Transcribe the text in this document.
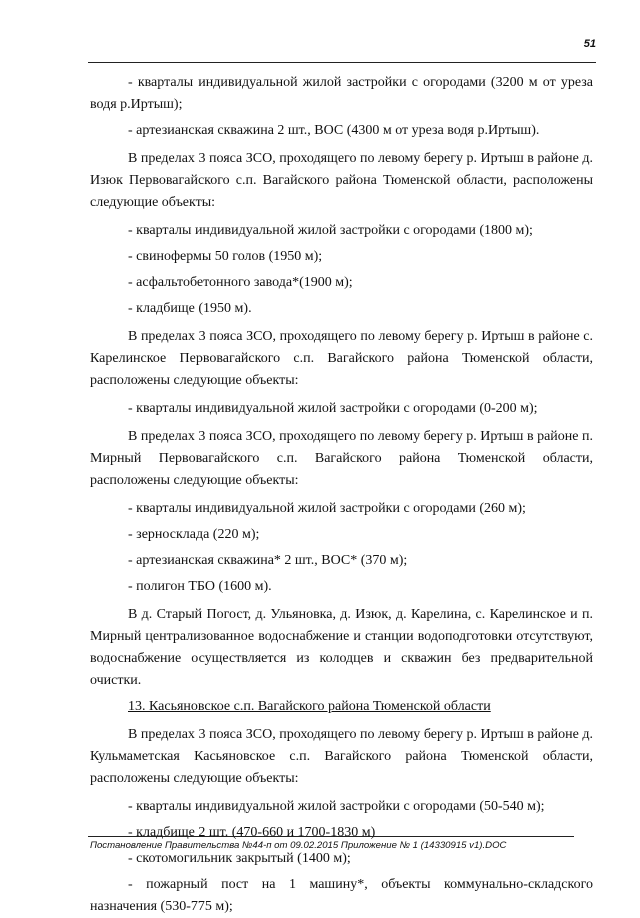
51

- кварталы индивидуальной жилой застройки с огородами (3200 м от уреза водя р.Иртыш);

- артезианская скважина 2 шт., ВОС (4300 м от уреза водя р.Иртыш).

В пределах 3 пояса ЗСО, проходящего по левому берегу р. Иртыш в районе д. Изюк Первовагайского с.п. Вагайского района Тюменской области, расположены следующие объекты:

- кварталы индивидуальной жилой застройки с огородами (1800 м);

- свинофермы 50 голов (1950 м);

- асфальтобетонного завода*(1900 м);

- кладбище (1950 м).

В пределах 3 пояса ЗСО, проходящего по левому берегу р. Иртыш в районе с. Карелинское Первовагайского с.п. Вагайского района Тюменской области, расположены следующие объекты:

- кварталы индивидуальной жилой застройки с огородами (0-200 м);

В пределах 3 пояса ЗСО, проходящего по левому берегу р. Иртыш в районе п. Мирный Первовагайского с.п. Вагайского района Тюменской области, расположены следующие объекты:

- кварталы индивидуальной жилой застройки с огородами (260 м);

- зерносклада (220 м);

- артезианская скважина* 2 шт., ВОС* (370 м);

- полигон ТБО (1600 м).

В д. Старый Погост, д. Ульяновка, д. Изюк, д. Карелина, с. Карелинское и п. Мирный централизованное водоснабжение и станции водоподготовки отсутствуют, водоснабжение осуществляется из колодцев и скважин без предварительной очистки.

13. Касьяновское с.п. Вагайского района Тюменской области

В пределах 3 пояса ЗСО, проходящего по левому берегу р. Иртыш в районе д. Кульмаметская Касьяновское с.п. Вагайского района Тюменской области, расположены следующие объекты:

- кварталы индивидуальной жилой застройки с огородами (50-540 м);

- кладбище 2 шт. (470-660 и 1700-1830 м)

- скотомогильник закрытый (1400 м);

- пожарный пост на 1 машину*, объекты коммунально-складского назначения (530-775 м);

Постановление Правительства №44-п от 09.02.2015 Приложение № 1 (14330915 v1).DOC
